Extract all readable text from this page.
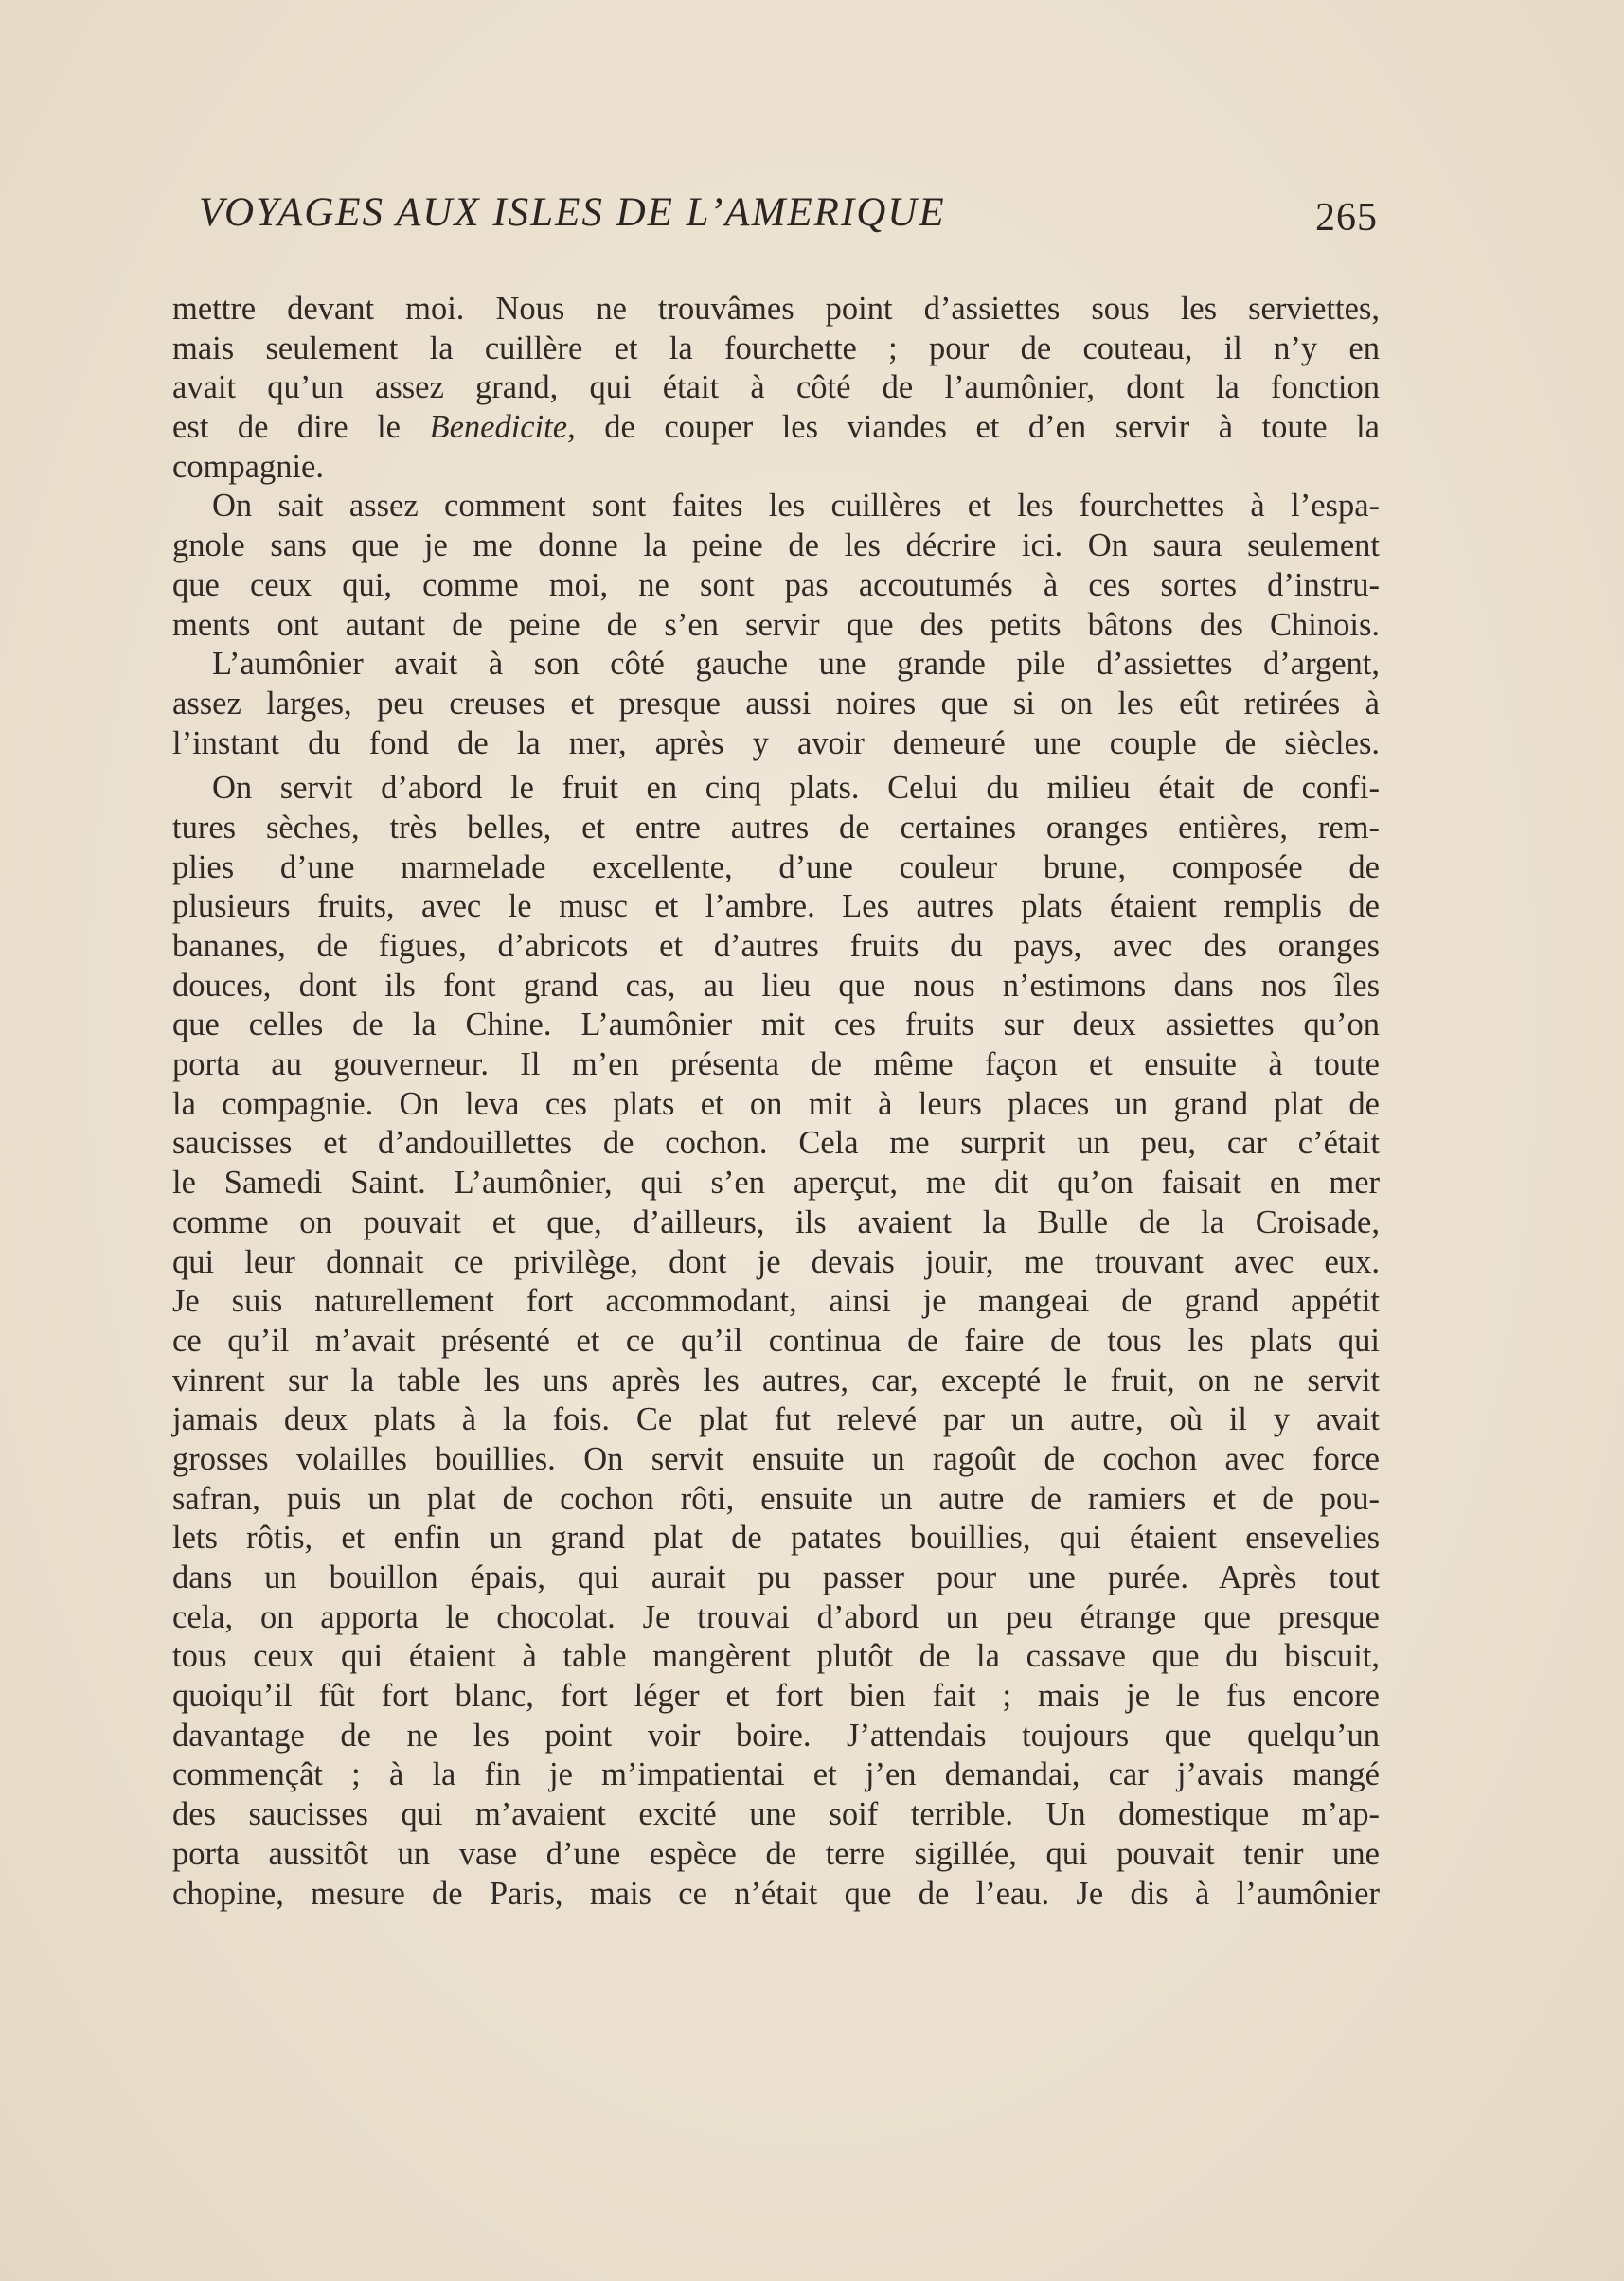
VOYAGES AUX ISLES DE L’AMERIQUE	265
mettre devant moi. Nous ne trouvâmes point d’assiettes sous les serviettes,
mais seulement la cuillère et la fourchette ; pour de couteau, il n’y en
avait qu’un assez grand, qui était à côté de l’aumônier, dont la fonction
est de dire le Benedicite, de couper les viandes et d’en servir à toute la
compagnie.
On sait assez comment sont faites les cuillères et les fourchettes à l’espa-
gnole sans que je me donne la peine de les décrire ici. On saura seulement
que ceux qui, comme moi, ne sont pas accoutumés à ces sortes d’instru-
ments ont autant de peine de s’en servir que des petits bâtons des Chinois.
L’aumônier avait à son côté gauche une grande pile d’assiettes d’argent,
assez larges, peu creuses et presque aussi noires que si on les eût retirées à
l’instant du fond de la mer, après y avoir demeuré une couple de siècles.
On servit d’abord le fruit en cinq plats. Celui du milieu était de confi-
tures sèches, très belles, et entre autres de certaines oranges entières, rem-
plies d’une marmelade excellente, d’une couleur brune, composée de
plusieurs fruits, avec le musc et l’ambre. Les autres plats étaient remplis de
bananes, de figues, d’abricots et d’autres fruits du pays, avec des oranges
douces, dont ils font grand cas, au lieu que nous n’estimons dans nos îles
que celles de la Chine. L’aumônier mit ces fruits sur deux assiettes qu’on
porta au gouverneur. Il m’en présenta de même façon et ensuite à toute
la compagnie. On leva ces plats et on mit à leurs places un grand plat de
saucisses et d’andouillettes de cochon. Cela me surprit un peu, car c’était
le Samedi Saint. L’aumônier, qui s’en aperçut, me dit qu’on faisait en mer
comme on pouvait et que, d’ailleurs, ils avaient la Bulle de la Croisade,
qui leur donnait ce privilège, dont je devais jouir, me trouvant avec eux.
Je suis naturellement fort accommodant, ainsi je mangeai de grand appétit
ce qu’il m’avait présenté et ce qu’il continua de faire de tous les plats qui
vinrent sur la table les uns après les autres, car, excepté le fruit, on ne servit
jamais deux plats à la fois. Ce plat fut relevé par un autre, où il y avait
grosses volailles bouillies. On servit ensuite un ragoût de cochon avec force
safran, puis un plat de cochon rôti, ensuite un autre de ramiers et de pou-
lets rôtis, et enfin un grand plat de patates bouillies, qui étaient ensevelies
dans un bouillon épais, qui aurait pu passer pour une purée. Après tout
cela, on apporta le chocolat. Je trouvai d’abord un peu étrange que presque
tous ceux qui étaient à table mangèrent plutôt de la cassave que du biscuit,
quoiqu’il fût fort blanc, fort léger et fort bien fait ; mais je le fus encore
davantage de ne les point voir boire. J’attendais toujours que quelqu’un
commençât ; à la fin je m’impatientai et j’en demandai, car j’avais mangé
des saucisses qui m’avaient excité une soif terrible. Un domestique m’ap-
porta aussitôt un vase d’une espèce de terre sigillée, qui pouvait tenir une
chopine, mesure de Paris, mais ce n’était que de l’eau. Je dis à l’aumônier
